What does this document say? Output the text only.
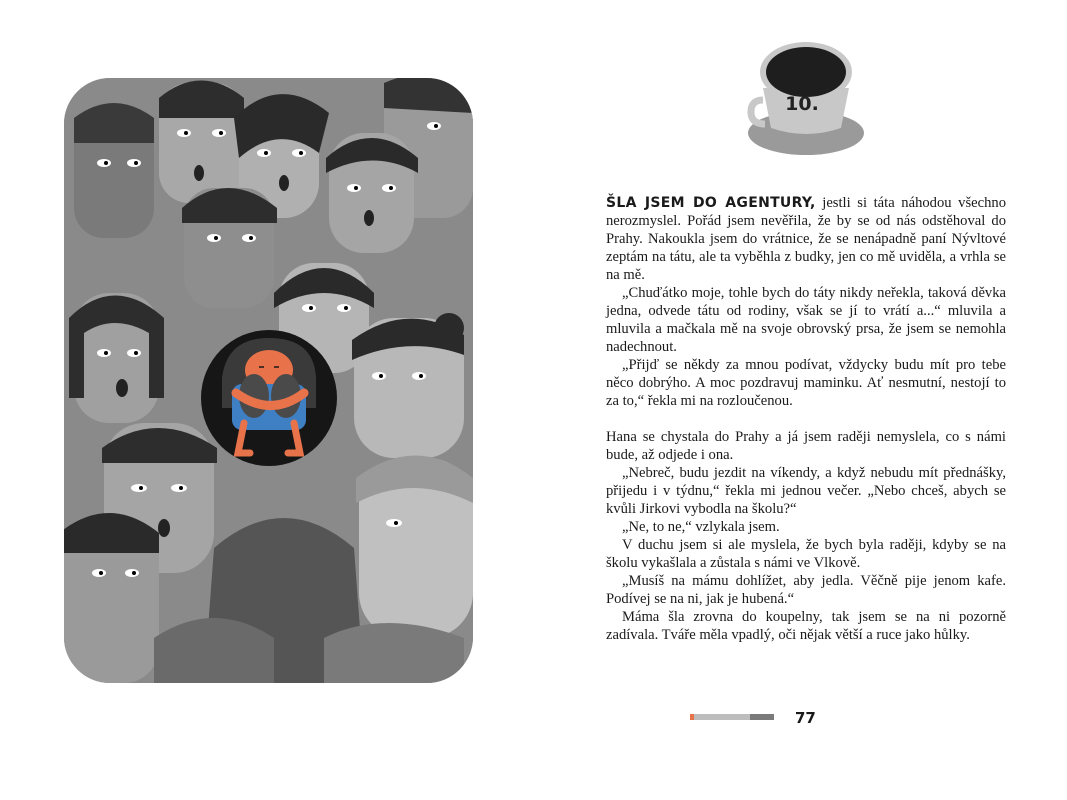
10.

ŠLA JSEM DO AGENTURY, jestli si táta náhodou všechno nerozmyslel. Pořád jsem nevěřila, že by se od nás odstěhoval do Prahy. Nakoukla jsem do vrátnice, že se nenápadně paní Nývltové zeptám na tátu, ale ta vyběhla z budky, jen co mě uviděla, a vrhla se na mě.

„Chuďátko moje, tohle bych do táty nikdy neřekla, taková děvka jedna, odvede tátu od rodiny, však se jí to vrátí a...“ mluvila a mluvila a mačkala mě na svoje obrovský prsa, že jsem se nemohla nadechnout.

„Přijď se někdy za mnou podívat, vždycky budu mít pro tebe něco dobrýho. A moc pozdravuj maminku. Ať nesmutní, nestojí to za to,“ řekla mi na rozloučenou.

Hana se chystala do Prahy a já jsem raději nemyslela, co s námi bude, až odjede i ona.

„Nebreč, budu jezdit na víkendy, a když nebudu mít přednášky, přijedu i v týdnu,“ řekla mi jednou večer. „Nebo chceš, abych se kvůli Jirkovi vybodla na školu?“

„Ne, to ne,“ vzlykala jsem.

V duchu jsem si ale myslela, že bych byla raději, kdyby se na školu vykašlala a zůstala s námi ve Vlkově.

„Musíš na mámu dohlížet, aby jedla. Věčně pije jenom kafe. Podívej se na ni, jak je hubená.“

Máma šla zrovna do koupelny, tak jsem se na ni pozorně zadívala. Tváře měla vpadlý, oči nějak větší a ruce jako hůlky.

77
